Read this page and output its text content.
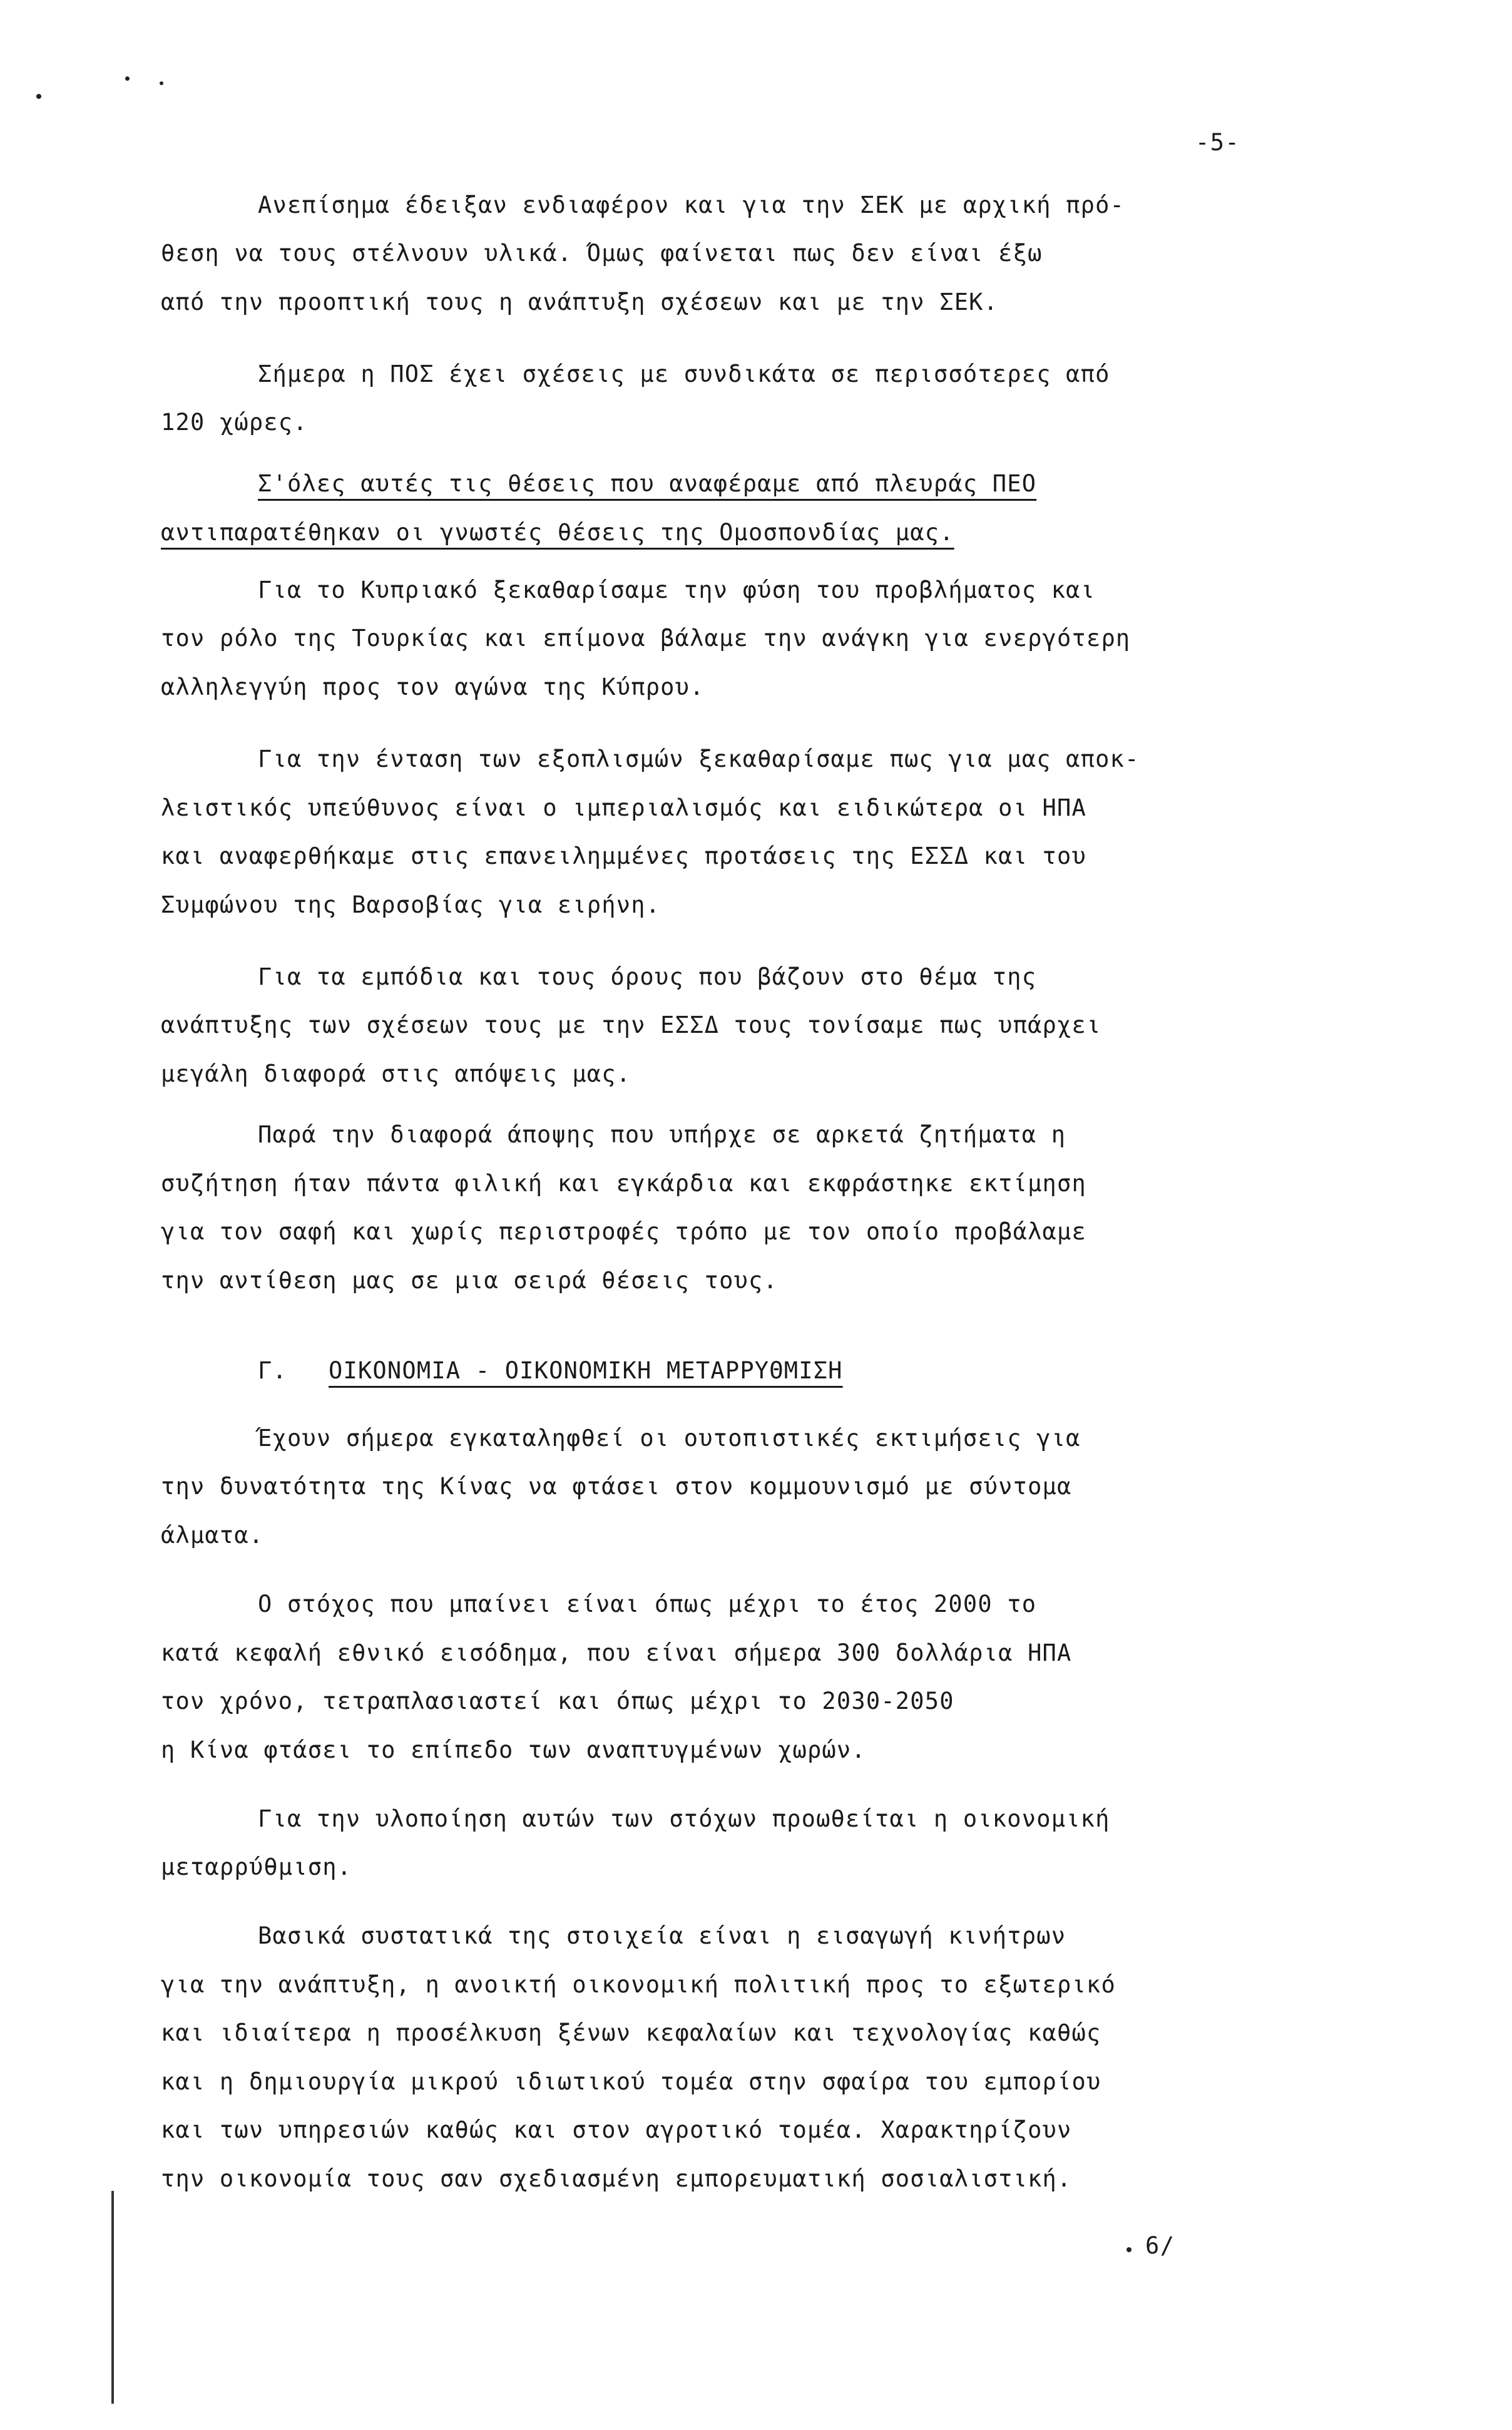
-5-
Ανεπίσημα έδειξαν ενδιαφέρον και για την ΣΕΚ με αρχική πρό-
θεση να τους στέλνουν υλικά. Όμως φαίνεται πως δεν είναι έξω
από την προοπτική τους η ανάπτυξη σχέσεων και με την ΣΕΚ.
Σήμερα η ΠΟΣ έχει σχέσεις με συνδικάτα σε περισσότερες από
120 χώρες.
Σ'όλες αυτές τις θέσεις που αναφέραμε από πλευράς ΠΕΟ
αντιπαρατέθηκαν οι γνωστές θέσεις της Ομοσπονδίας μας.
Για το Κυπριακό ξεκαθαρίσαμε την φύση του προβλήματος και
τον ρόλο της Τουρκίας και επίμονα βάλαμε την ανάγκη για ενεργότερη
αλληλεγγύη προς τον αγώνα της Κύπρου.
Για την ένταση των εξοπλισμών ξεκαθαρίσαμε πως για μας αποκ-
λειστικός υπεύθυνος είναι ο ιμπεριαλισμός και ειδικώτερα οι ΗΠΑ
και αναφερθήκαμε στις επανειλημμένες προτάσεις της ΕΣΣΔ και του
Συμφώνου της Βαρσοβίας για ειρήνη.
Για τα εμπόδια και τους όρους που βάζουν στο θέμα της
ανάπτυξης των σχέσεων τους με την ΕΣΣΔ τους τονίσαμε πως υπάρχει
μεγάλη διαφορά στις απόψεις μας.
Παρά την διαφορά άποψης που υπήρχε σε αρκετά ζητήματα η
συζήτηση ήταν πάντα φιλική και εγκάρδια και εκφράστηκε εκτίμηση
για τον σαφή και χωρίς περιστροφές τρόπο με τον οποίο προβάλαμε
την αντίθεση μας σε μια σειρά θέσεις τους.
Γ. ΟΙΚΟΝΟΜΙΑ - ΟΙΚΟΝΟΜΙΚΗ ΜΕΤΑΡΡΥΘΜΙΣΗ
Έχουν σήμερα εγκαταληφθεί οι ουτοπιστικές εκτιμήσεις για
την δυνατότητα της Κίνας να φτάσει στον κομμουνισμό με σύντομα
άλματα.
Ο στόχος που μπαίνει είναι όπως μέχρι το έτος 2000 το
κατά κεφαλή εθνικό εισόδημα, που είναι σήμερα 300 δολλάρια ΗΠΑ
τον χρόνο, τετραπλασιαστεί και όπως μέχρι το 2030-2050
η Κίνα φτάσει το επίπεδο των αναπτυγμένων χωρών.
Για την υλοποίηση αυτών των στόχων προωθείται η οικονομική
μεταρρύθμιση.
Βασικά συστατικά της στοιχεία είναι η εισαγωγή κινήτρων
για την ανάπτυξη, η ανοικτή οικονομική πολιτική προς το εξωτερικό
και ιδιαίτερα η προσέλκυση ξένων κεφαλαίων και τεχνολογίας καθώς
και η δημιουργία μικρού ιδιωτικού τομέα στην σφαίρα του εμπορίου
και των υπηρεσιών καθώς και στον αγροτικό τομέα. Χαρακτηρίζουν
την οικονομία τους σαν σχεδιασμένη εμπορευματική σοσιαλιστική.
6/
